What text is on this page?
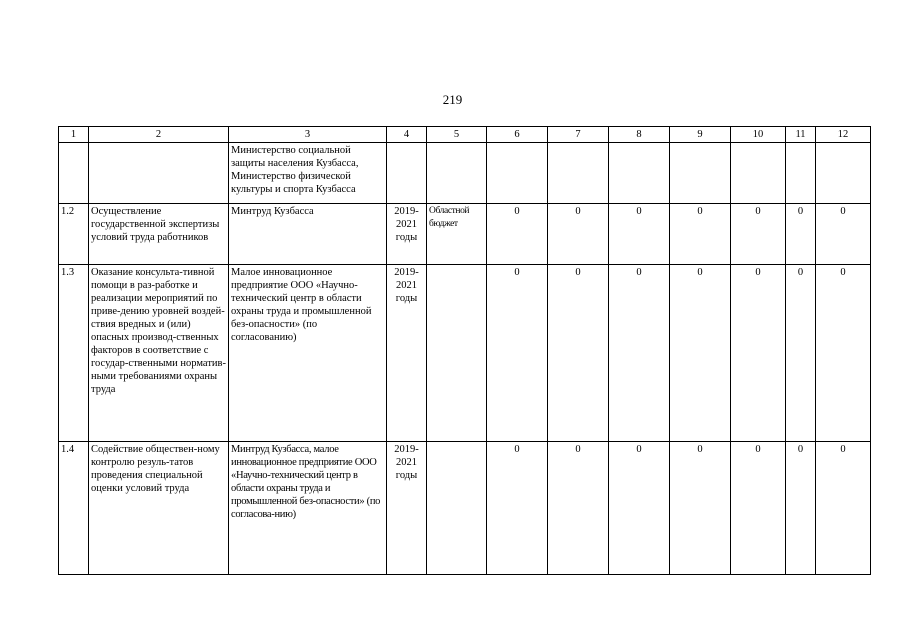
219
1	2	3	4	5	6	7	8	9	10	11	12
		Министерство социальной защиты населения Кузбасса, Министерство физической культуры и спорта Кузбасса									
1.2	Осуществление государственной экспертизы условий труда работников	Минтруд Кузбасса	2019-2021 годы	Областной бюджет	0	0	0	0	0	0	0
1.3	Оказание консульта-тивной помощи в раз-работке и реализации мероприятий по приве-дению уровней воздей-ствия вредных и (или) опасных производ-ственных факторов в соответствие с государ-ственными норматив-ными требованиями охраны труда	Малое инновационное предприятие ООО «Научно-технический центр в области охраны труда и промышленной без-опасности» (по согласованию)	2019-2021 годы		0	0	0	0	0	0	0
1.4	Содействие обществен-ному контролю резуль-татов проведения специальной оценки условий труда	Минтруд Кузбасса, малое инновационное предприятие ООО «Научно-технический центр в области охраны труда и промышленной без-опасности» (по согласова-нию)	2019-2021 годы		0	0	0	0	0	0	0
